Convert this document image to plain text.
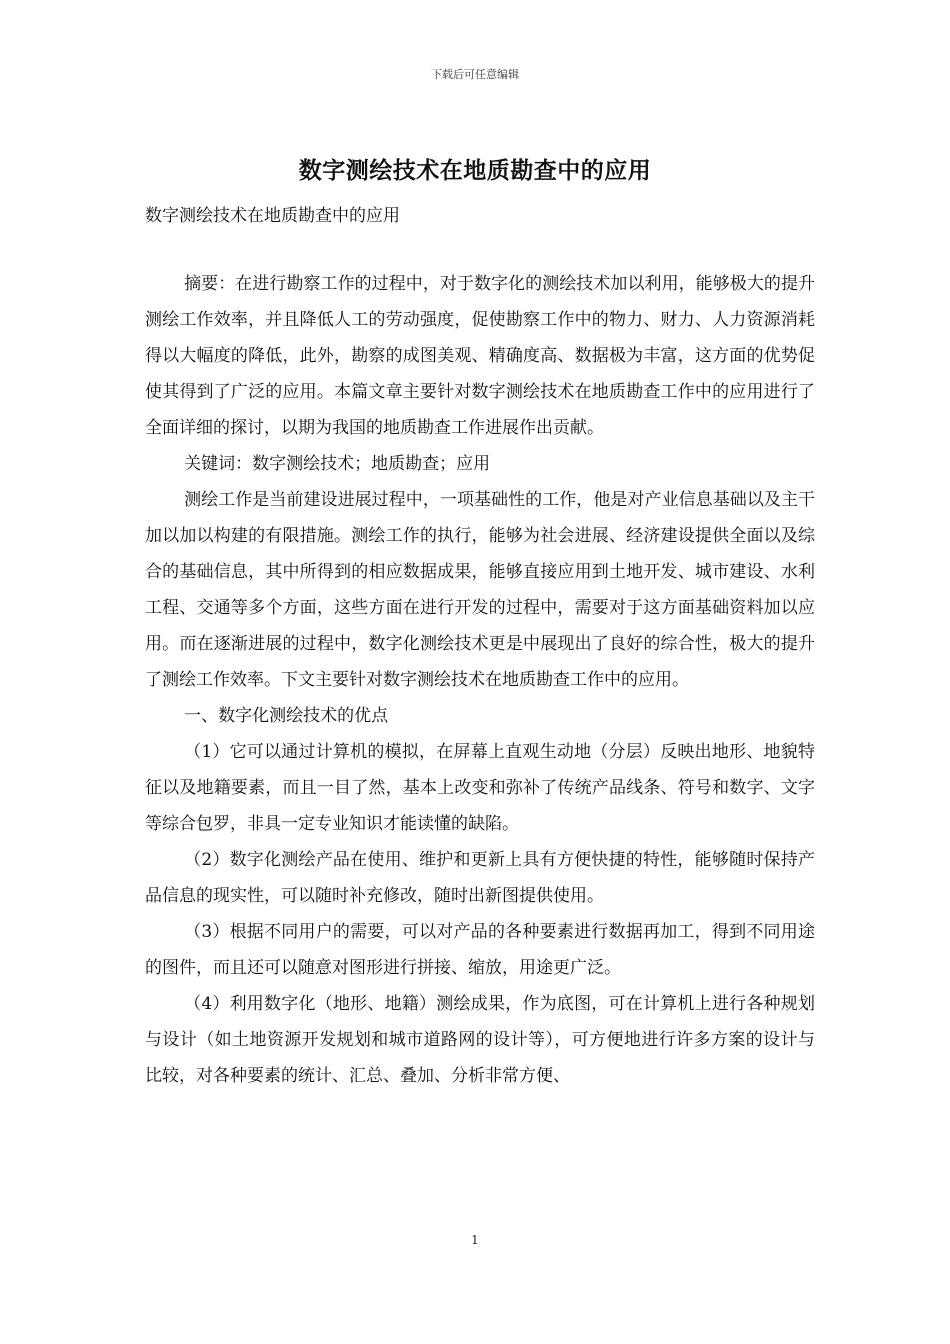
下载后可任意编辑
数字测绘技术在地质勘查中的应用
数字测绘技术在地质勘查中的应用

摘要：在进行勘察工作的过程中，对于数字化的测绘技术加以利用，能够极大的提升测绘工作效率，并且降低人工的劳动强度，促使勘察工作中的物力、财力、人力资源消耗得以大幅度的降低，此外，勘察的成图美观、精确度高、数据极为丰富，这方面的优势促使其得到了广泛的应用。本篇文章主要针对数字测绘技术在地质勘查工作中的应用进行了全面详细的探讨，以期为我国的地质勘查工作进展作出贡献。

关键词：数字测绘技术；地质勘查；应用

测绘工作是当前建设进展过程中，一项基础性的工作，他是对产业信息基础以及主干加以加以构建的有限措施。测绘工作的执行，能够为社会进展、经济建设提供全面以及综合的基础信息，其中所得到的相应数据成果，能够直接应用到土地开发、城市建设、水利工程、交通等多个方面，这些方面在进行开发的过程中，需要对于这方面基础资料加以应用。而在逐渐进展的过程中，数字化测绘技术更是中展现出了良好的综合性，极大的提升了测绘工作效率。下文主要针对数字测绘技术在地质勘查工作中的应用。

一、数字化测绘技术的优点

（1）它可以通过计算机的模拟，在屏幕上直观生动地（分层）反映出地形、地貌特征以及地籍要素，而且一目了然，基本上改变和弥补了传统产品线条、符号和数字、文字等综合包罗，非具一定专业知识才能读懂的缺陷。

（2）数字化测绘产品在使用、维护和更新上具有方便快捷的特性，能够随时保持产品信息的现实性，可以随时补充修改，随时出新图提供使用。

（3）根据不同用户的需要，可以对产品的各种要素进行数据再加工，得到不同用途的图件，而且还可以随意对图形进行拼接、缩放，用途更广泛。

（4）利用数字化（地形、地籍）测绘成果，作为底图，可在计算机上进行各种规划与设计（如土地资源开发规划和城市道路网的设计等），可方便地进行许多方案的设计与比较，对各种要素的统计、汇总、叠加、分析非常方便、

1
